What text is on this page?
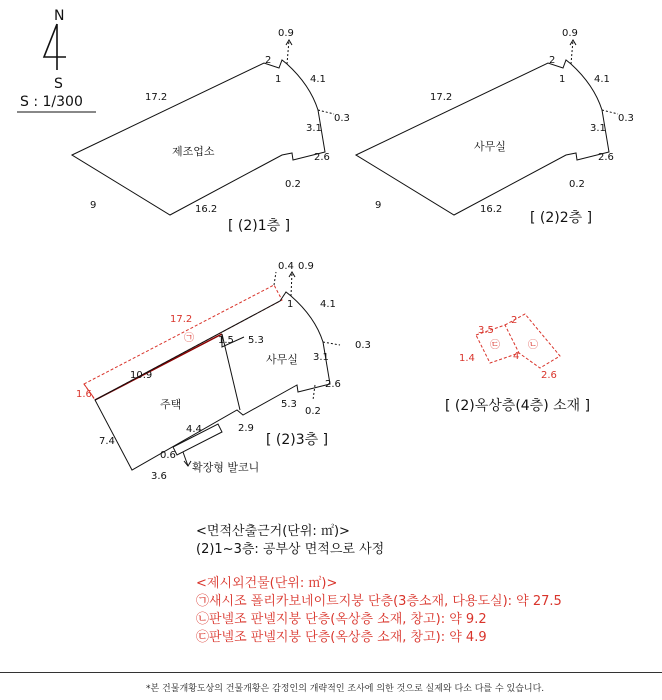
N
S
S : 1/300	17.2
9	16.2
2
1
0.9
4.1
0.3
3.1
2.6
0.2
제조업소
[ (2)1층 ]
17.2
9	16.2
2
1
0.9
4.1
0.3
3.1
2.6
0.2
사무실
[ (2)2층 ]
17.2
㉠
1.6
0.4 0.9
1	4.1
0.3
1.5 5.3
10.9
3.1
2.6
0.2
5.3
2.9
7.4
4.4
0.6
3.6
사무실
주택
확장형 발코니
[ (2)3층 ]
3.5
2
1.4	4
2.6
㉢	㉡
[ (2)옥상층(4층) 소재 ]
<면적산출근거(단위: ㎡)>
(2)1~3층: 공부상 면적으로 사정
<제시외건물(단위: ㎡)>
㉠새시조 폴리카보네이트지붕 단층(3층소재, 다용도실): 약 27.5
㉡판넬조 판넬지붕 단층(옥상층 소재, 창고): 약 9.2
㉢판넬조 판넬지붕 단층(옥상층 소재, 창고): 약 4.9
*본 건물개황도상의 건물개황은 감정인의 개략적인 조사에 의한 것으로 실제와 다소 다를 수 있습니다.
